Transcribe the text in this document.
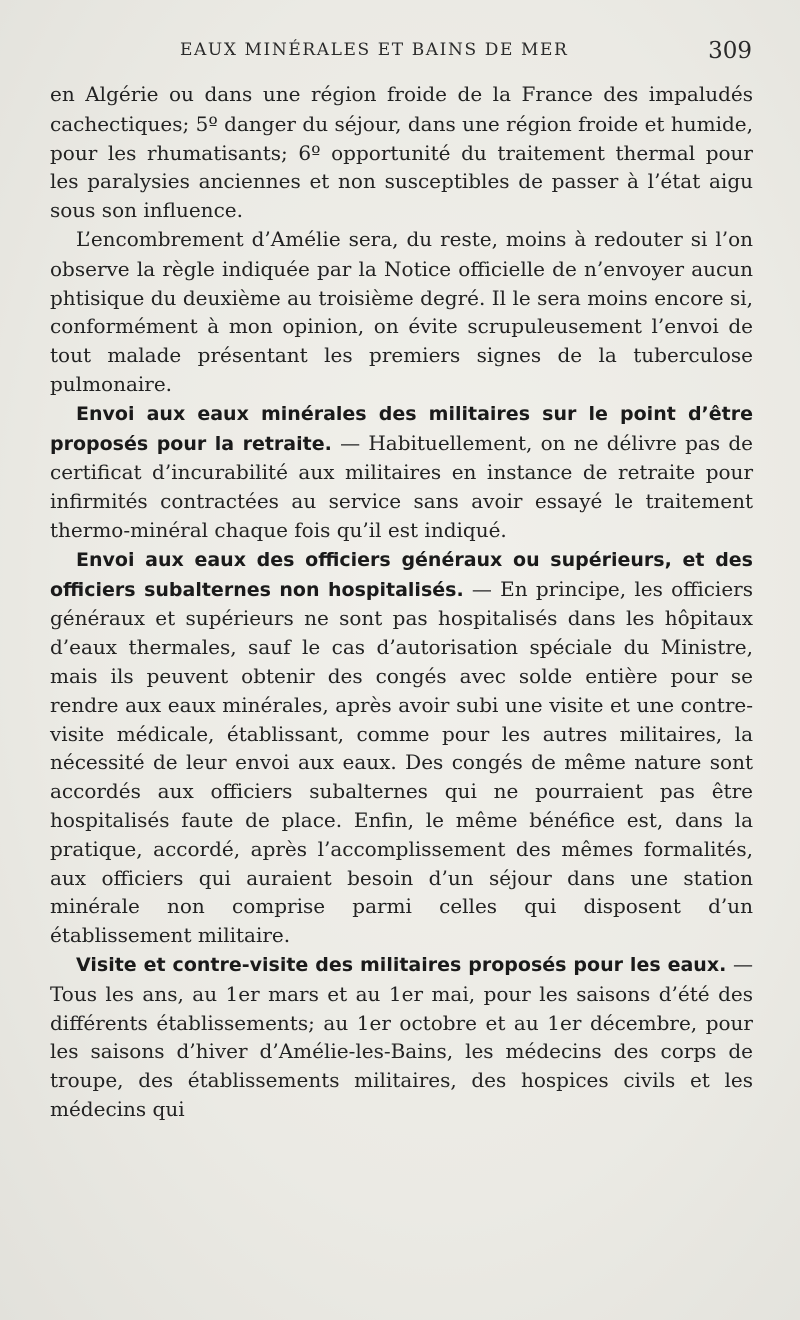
EAUX MINÉRALES ET BAINS DE MER	309

en Algérie ou dans une région froide de la France des impaludés cachectiques; 5º danger du séjour, dans une région froide et humide, pour les rhumatisants; 6º opportunité du traitement thermal pour les paralysies anciennes et non susceptibles de passer à l’état aigu sous son influence.

L’encombrement d’Amélie sera, du reste, moins à redouter si l’on observe la règle indiquée par la Notice officielle de n’envoyer aucun phtisique du deuxième au troisième degré. Il le sera moins encore si, conformément à mon opinion, on évite scrupuleusement l’envoi de tout malade présentant les premiers signes de la tuberculose pulmonaire.

Envoi aux eaux minérales des militaires sur le point d’être proposés pour la retraite. — Habituellement, on ne délivre pas de certificat d’incurabilité aux militaires en instance de retraite pour infirmités contractées au service sans avoir essayé le traitement thermo-minéral chaque fois qu’il est indiqué.

Envoi aux eaux des officiers généraux ou supérieurs, et des officiers subalternes non hospitalisés. — En principe, les officiers généraux et supérieurs ne sont pas hospitalisés dans les hôpitaux d’eaux thermales, sauf le cas d’autorisation spéciale du Ministre, mais ils peuvent obtenir des congés avec solde entière pour se rendre aux eaux minérales, après avoir subi une visite et une contre-visite médicale, établissant, comme pour les autres militaires, la nécessité de leur envoi aux eaux. Des congés de même nature sont accordés aux officiers subalternes qui ne pourraient pas être hospitalisés faute de place. Enfin, le même bénéfice est, dans la pratique, accordé, après l’accomplissement des mêmes formalités, aux officiers qui auraient besoin d’un séjour dans une station minérale non comprise parmi celles qui disposent d’un établissement militaire.

Visite et contre-visite des militaires proposés pour les eaux. — Tous les ans, au 1er mars et au 1er mai, pour les saisons d’été des différents établissements; au 1er octobre et au 1er décembre, pour les saisons d’hiver d’Amélie-les-Bains, les médecins des corps de troupe, des établissements militaires, des hospices civils et les médecins qui
